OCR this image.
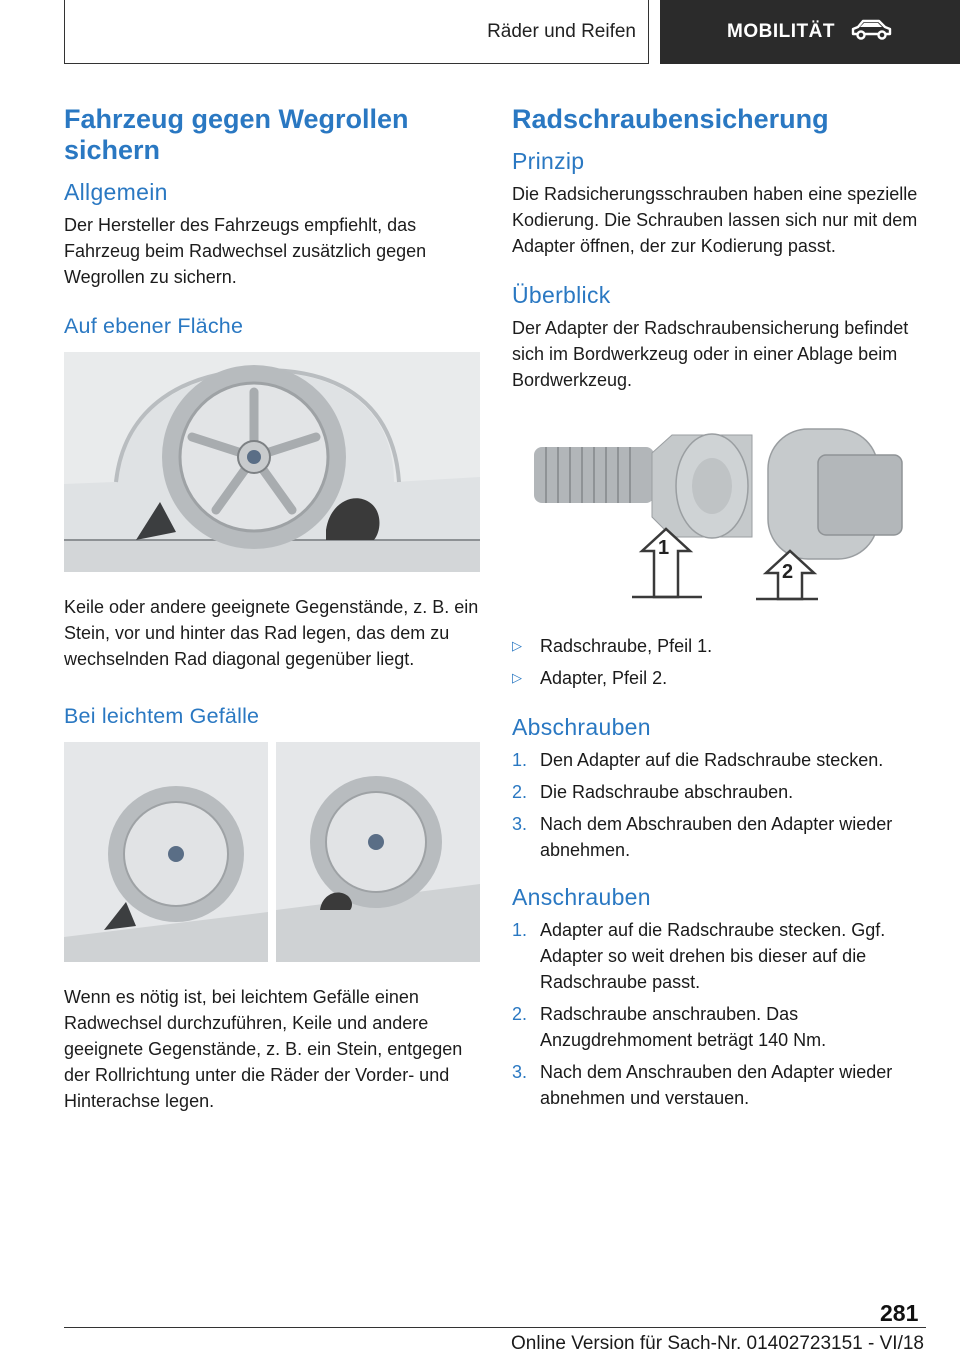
Räder und Reifen	MOBILITÄT
Fahrzeug gegen Wegrollen sichern
Allgemein

Der Hersteller des Fahrzeugs empfiehlt, das Fahrzeug beim Radwechsel zusätzlich gegen Wegrollen zu sichern.

Auf ebener Fläche

Keile oder andere geeignete Gegenstände, z. B. ein Stein, vor und hinter das Rad legen, das dem zu wechselnden Rad diagonal gegenüber liegt.

Bei leichtem Gefälle

Wenn es nötig ist, bei leichtem Gefälle einen Radwechsel durchzuführen, Keile und andere geeignete Gegenstände, z. B. ein Stein, entgegen der Rollrichtung unter die Räder der Vorder- und Hinterachse legen.

Radschraubensicherung
Prinzip

Die Radsicherungsschrauben haben eine spezielle Kodierung. Die Schrauben lassen sich nur mit dem Adapter öffnen, der zur Kodierung passt.

Überblick

Der Adapter der Radschraubensicherung befindet sich im Bordwerkzeug oder in einer Ablage beim Bordwerkzeug.

1
2
▷ Radschraube, Pfeil 1.
▷ Adapter, Pfeil 2.
Abschrauben
1. Den Adapter auf die Radschraube stecken.
2. Die Radschraube abschrauben.
3. Nach dem Abschrauben den Adapter wieder abnehmen.
Anschrauben
1. Adapter auf die Radschraube stecken. Ggf. Adapter so weit drehen bis dieser auf die Radschraube passt.
2. Radschraube anschrauben. Das Anzugdrehmoment beträgt 140 Nm.
3. Nach dem Anschrauben den Adapter wieder abnehmen und verstauen.
281
Online Version für Sach-Nr. 01402723151 - VI/18
